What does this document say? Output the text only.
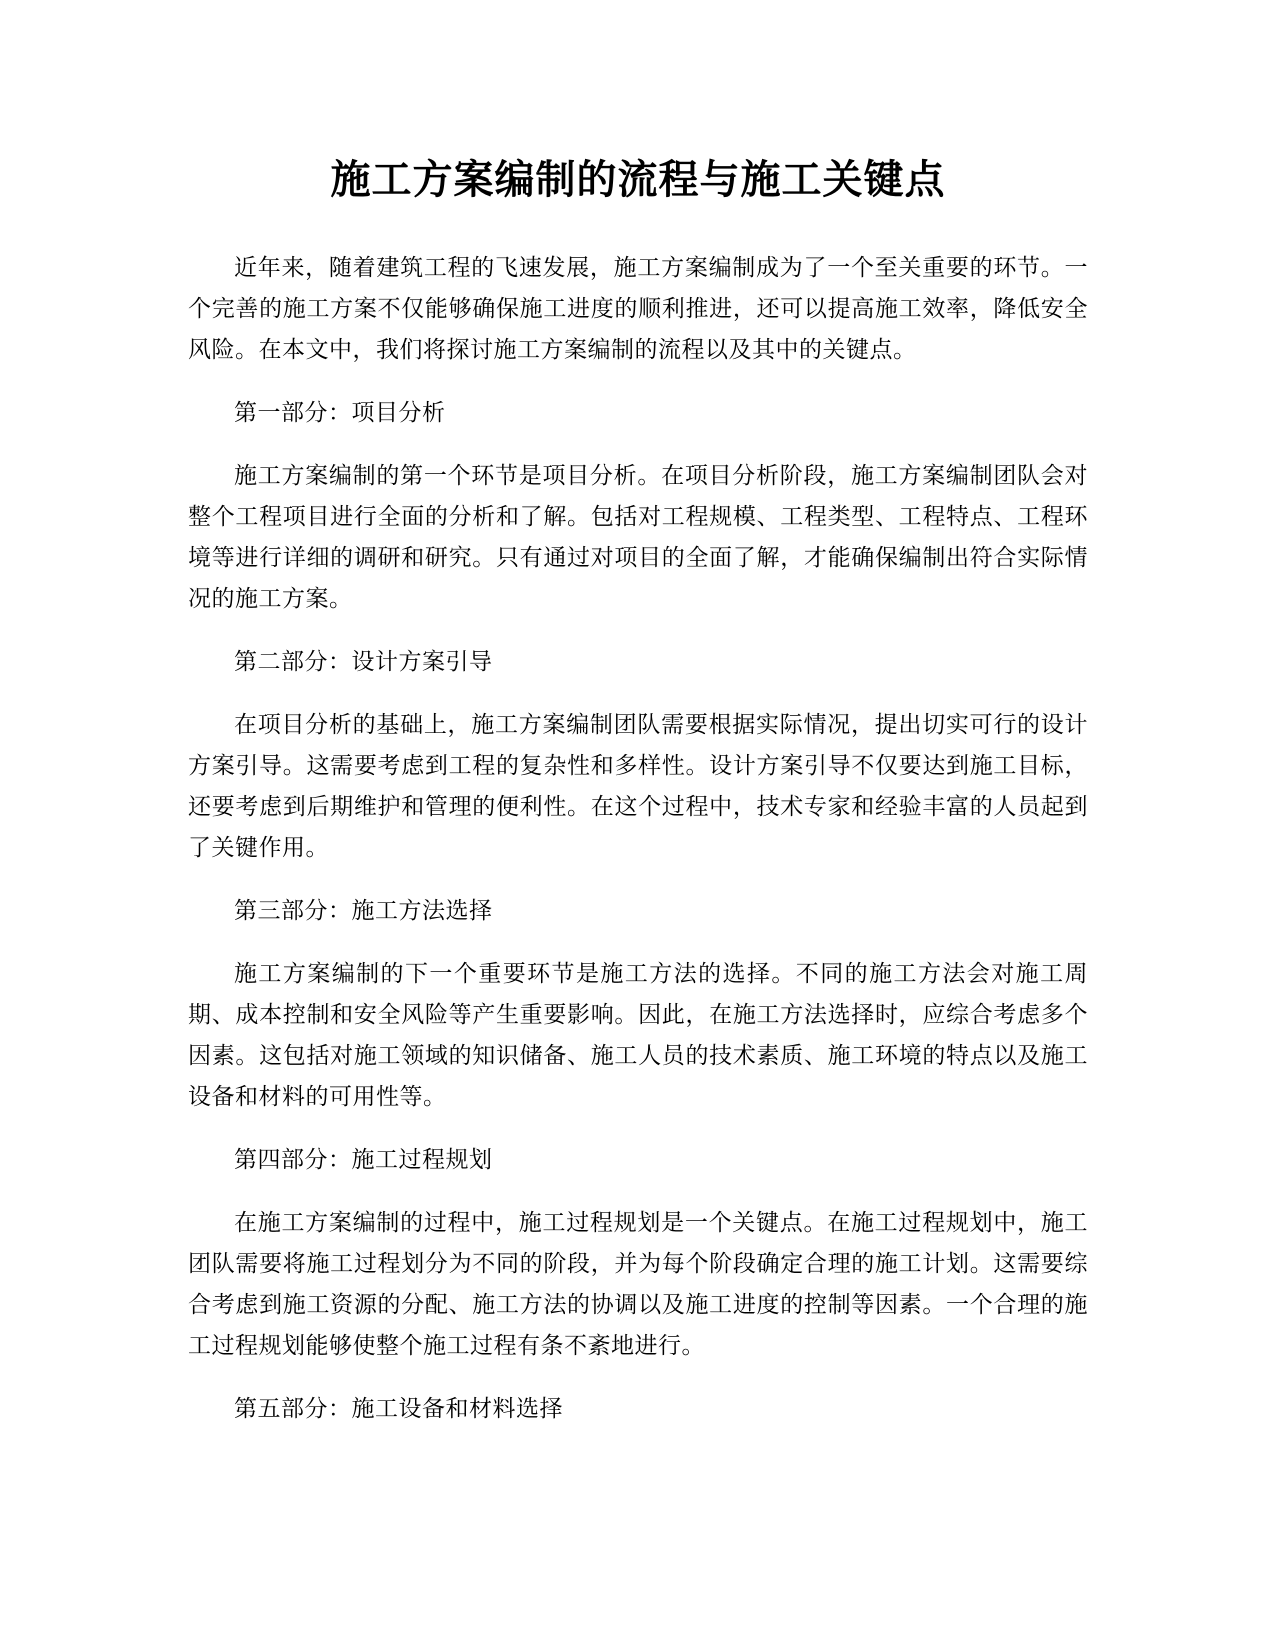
施工方案编制的流程与施工关键点

近年来，随着建筑工程的飞速发展，施工方案编制成为了一个至关重要的环节。一个完善的施工方案不仅能够确保施工进度的顺利推进，还可以提高施工效率，降低安全风险。在本文中，我们将探讨施工方案编制的流程以及其中的关键点。

第一部分：项目分析

施工方案编制的第一个环节是项目分析。在项目分析阶段，施工方案编制团队会对整个工程项目进行全面的分析和了解。包括对工程规模、工程类型、工程特点、工程环境等进行详细的调研和研究。只有通过对项目的全面了解，才能确保编制出符合实际情况的施工方案。

第二部分：设计方案引导

在项目分析的基础上，施工方案编制团队需要根据实际情况，提出切实可行的设计方案引导。这需要考虑到工程的复杂性和多样性。设计方案引导不仅要达到施工目标，还要考虑到后期维护和管理的便利性。在这个过程中，技术专家和经验丰富的人员起到了关键作用。

第三部分：施工方法选择

施工方案编制的下一个重要环节是施工方法的选择。不同的施工方法会对施工周期、成本控制和安全风险等产生重要影响。因此，在施工方法选择时，应综合考虑多个因素。这包括对施工领域的知识储备、施工人员的技术素质、施工环境的特点以及施工设备和材料的可用性等。

第四部分：施工过程规划

在施工方案编制的过程中，施工过程规划是一个关键点。在施工过程规划中，施工团队需要将施工过程划分为不同的阶段，并为每个阶段确定合理的施工计划。这需要综合考虑到施工资源的分配、施工方法的协调以及施工进度的控制等因素。一个合理的施工过程规划能够使整个施工过程有条不紊地进行。

第五部分：施工设备和材料选择
